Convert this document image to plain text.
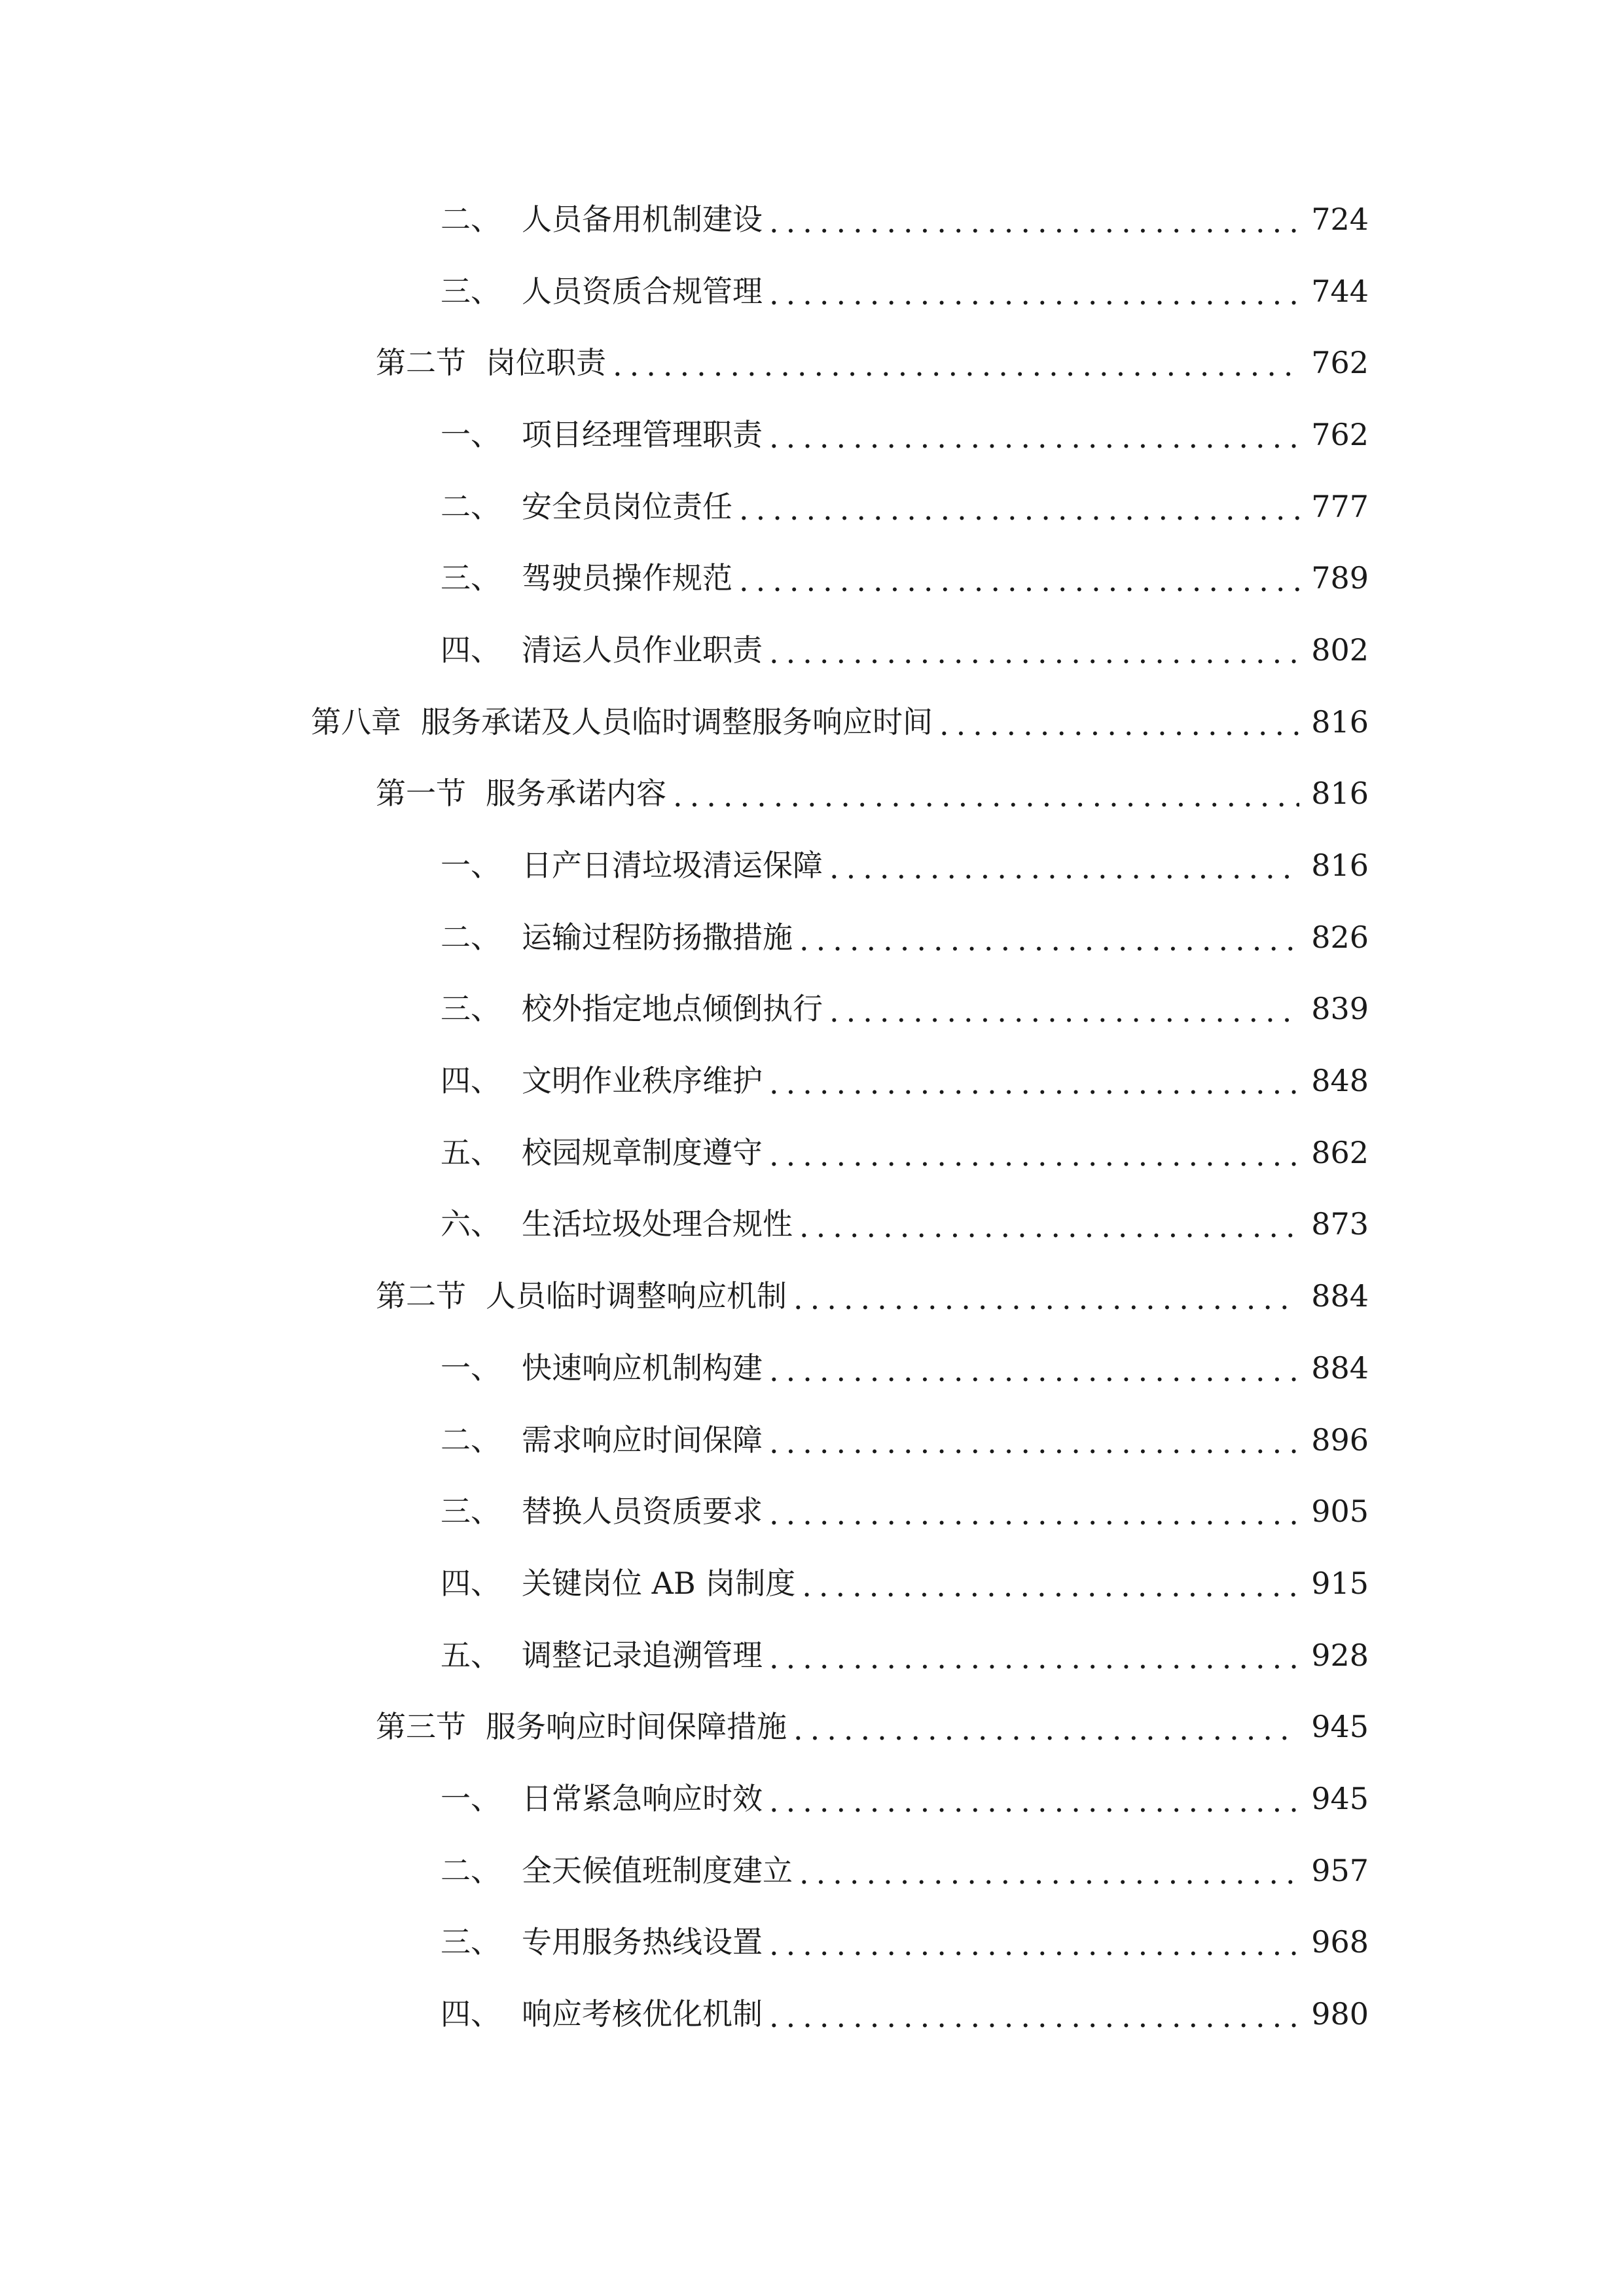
二、 人员备用机制建设 .....	724
三、 人员资质合规管理 .....	744
第二节 岗位职责 .....	762
一、 项目经理管理职责 .....	762
二、 安全员岗位责任 .....	777
三、 驾驶员操作规范 .....	789
四、 清运人员作业职责 .....	802
第八章 服务承诺及人员临时调整服务响应时间 .....	816
第一节 服务承诺内容 .....	816
一、 日产日清垃圾清运保障 .....	816
二、 运输过程防扬撒措施 .....	826
三、 校外指定地点倾倒执行 .....	839
四、 文明作业秩序维护 .....	848
五、 校园规章制度遵守 .....	862
六、 生活垃圾处理合规性 .....	873
第二节 人员临时调整响应机制 .....	884
一、 快速响应机制构建 .....	884
二、 需求响应时间保障 .....	896
三、 替换人员资质要求 .....	905
四、 关键岗位 AB 岗制度 .....	915
五、 调整记录追溯管理 .....	928
第三节 服务响应时间保障措施 .....	945
一、 日常紧急响应时效 .....	945
二、 全天候值班制度建立 .....	957
三、 专用服务热线设置 .....	968
四、 响应考核优化机制 .....	980
